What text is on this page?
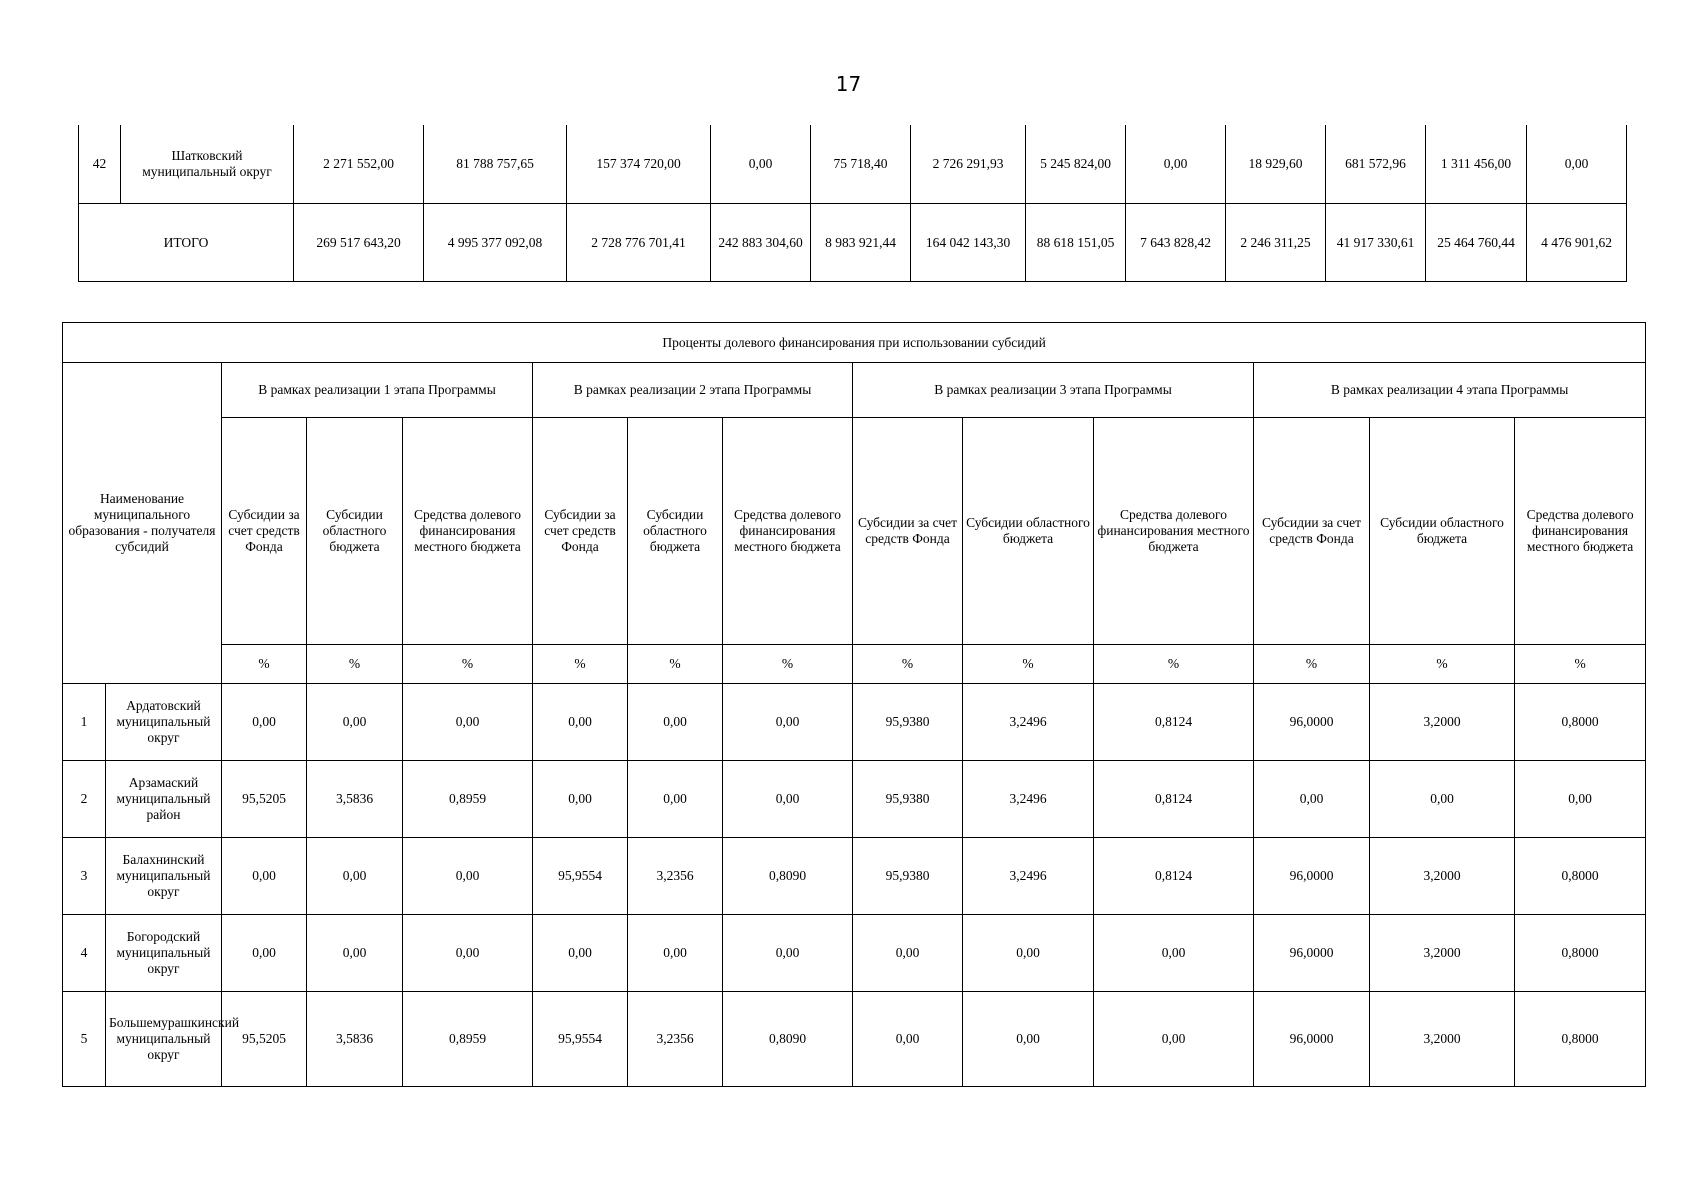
17
42	Шатковский муниципальный округ	2 271 552,00	81 788 757,65	157 374 720,00	0,00	75 718,40	2 726 291,93	5 245 824,00	0,00	18 929,60	681 572,96	1 311 456,00	0,00
ИТОГО		269 517 643,20	4 995 377 092,08	2 728 776 701,41	242 883 304,60	8 983 921,44	164 042 143,30	88 618 151,05	7 643 828,42	2 246 311,25	41 917 330,61	25 464 760,44	4 476 901,62
Проценты долевого финансирования при использовании субсидий													
Наименование муниципального образования - получателя субсидий		В рамках реализации 1 этапа Программы			В рамках реализации 2 этапа Программы			В рамках реализации 3 этапа Программы			В рамках реализации 4 этапа Программы		
		Субсидии за счет средств Фонда	Субсидии областного бюджета	Средства долевого финансирования местного бюджета	Субсидии за счет средств Фонда	Субсидии областного бюджета	Средства долевого финансирования местного бюджета	Субсидии за счет средств Фонда	Субсидии областного бюджета	Средства долевого финансирования местного бюджета	Субсидии за счет средств Фонда	Субсидии областного бюджета	Средства долевого финансирования местного бюджета
		%	%	%	%	%	%	%	%	%	%	%	%
1	Ардатовский муниципальный округ	0,00	0,00	0,00	0,00	0,00	0,00	95,9380	3,2496	0,8124	96,0000	3,2000	0,8000
2	Арзамаский муниципальный район	95,5205	3,5836	0,8959	0,00	0,00	0,00	95,9380	3,2496	0,8124	0,00	0,00	0,00
3	Балахнинский муниципальный округ	0,00	0,00	0,00	95,9554	3,2356	0,8090	95,9380	3,2496	0,8124	96,0000	3,2000	0,8000
4	Богородский муниципальный округ	0,00	0,00	0,00	0,00	0,00	0,00	0,00	0,00	0,00	96,0000	3,2000	0,8000
5	Большемурашкинский муниципальный округ	95,5205	3,5836	0,8959	95,9554	3,2356	0,8090	0,00	0,00	0,00	96,0000	3,2000	0,8000
